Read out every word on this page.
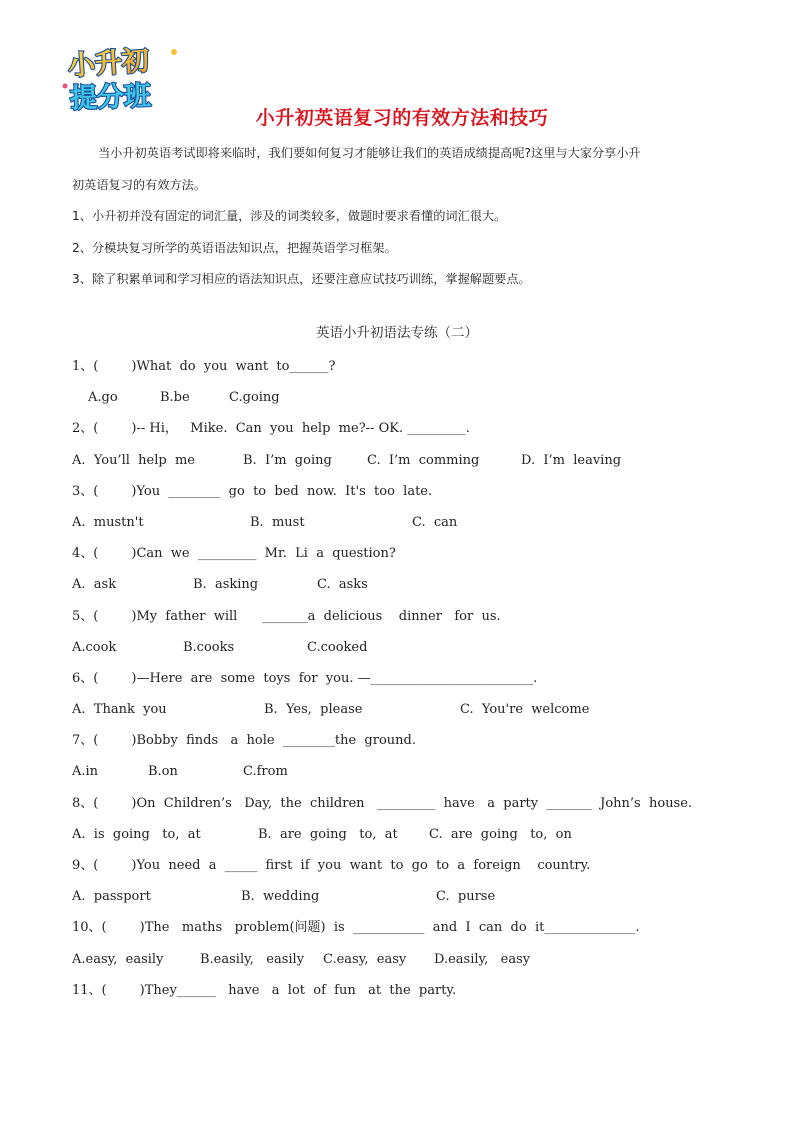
小升初
提分班
小升初英语复习的有效方法和技巧

当小升初英语考试即将来临时，我们要如何复习才能够让我们的英语成绩提高呢?这里与大家分享小升

初英语复习的有效方法。

1、小升初并没有固定的词汇量，涉及的词类较多，做题时要求看懂的词汇很大。

2、分模块复习所学的英语语法知识点，把握英语学习框架。

3、除了积累单词和学习相应的语法知识点，还要注意应试技巧训练，掌握解题要点。

英语小升初语法专练（二）
1、(        )What  do  you  want  to______?

A.go

	B.be

	C.going

2、(        )-- Hi，   Mike.  Can  you  help  me?-- OK. _________.

A.  You’ll  help  me

	B.  I’m  going

	C.  I’m  comming

	D.  I’m  leaving

3、(        )You  ________  go  to  bed  now.  It's  too  late.

A.  mustn't

	B.  must

	C.  can

4、(        )Can  we  _________  Mr.  Li  a  question?

A.  ask

	B.  asking

	C.  asks

5、(        )My  father  will      _______a  delicious    dinner   for  us.

A.cook

	B.cooks

	C.cooked

6、(        )—Here  are  some  toys  for  you. —_________________________.

A.  Thank  you

	B.  Yes,  please

	C.  You're  welcome

7、(        )Bobby  finds   a  hole  ________the  ground.

A.in

	B.on

	C.from

8、(        )On  Children’s   Day,  the  children   _________  have   a  party  _______  John’s  house.

A.  is  going   to,  at

	B.  are  going   to,  at

C.  are  going   to,  on

9、(        )You  need  a  _____  first  if  you  want  to  go  to  a  foreign    country.

A.  passport

	B.  wedding

	C.  purse

10、(        )The   maths   problem(问题)  is  ___________  and  I  can  do  it______________.

A.easy,  easily

	B.easily,   easily

C.easy,  easy

D.easily,   easy

11、(        )They______   have   a  lot  of  fun   at  the  party.
